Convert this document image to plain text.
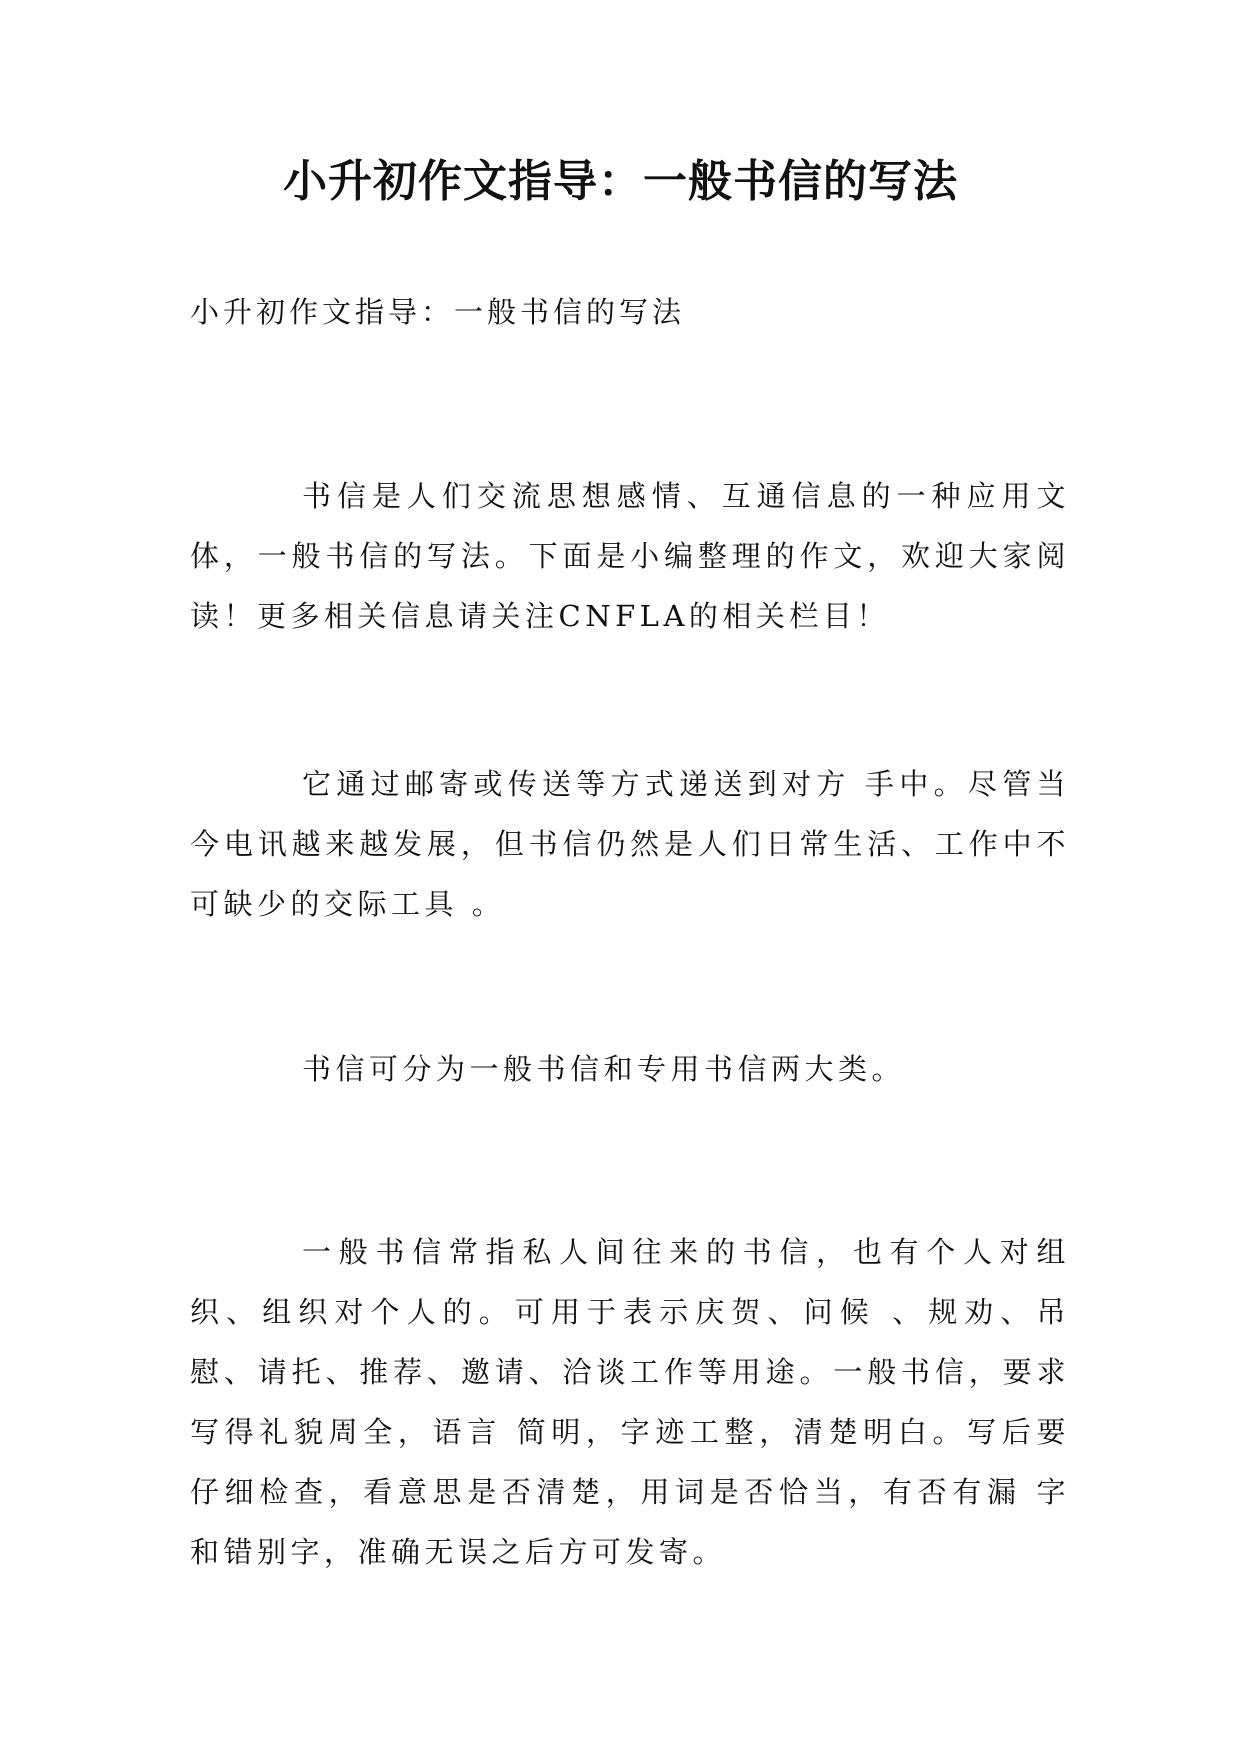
小升初作文指导：一般书信的写法
小升初作文指导：一般书信的写法

书信是人们交流思想感情、互通信息的一种应用文体，一般书信的写法。下面是小编整理的作文，欢迎大家阅读！更多相关信息请关注CNFLA的相关栏目！

它通过邮寄或传送等方式递送到对方 手中。尽管当今电讯越来越发展，但书信仍然是人们日常生活、工作中不可缺少的交际工具 。

书信可分为一般书信和专用书信两大类。

一般书信常指私人间往来的书信，也有个人对组织、组织对个人的。可用于表示庆贺、问候 、规劝、吊慰、请托、推荐、邀请、洽谈工作等用途。一般书信，要求写得礼貌周全，语言 简明，字迹工整，清楚明白。写后要仔细检查，看意思是否清楚，用词是否恰当，有否有漏 字和错别字，准确无误之后方可发寄。
